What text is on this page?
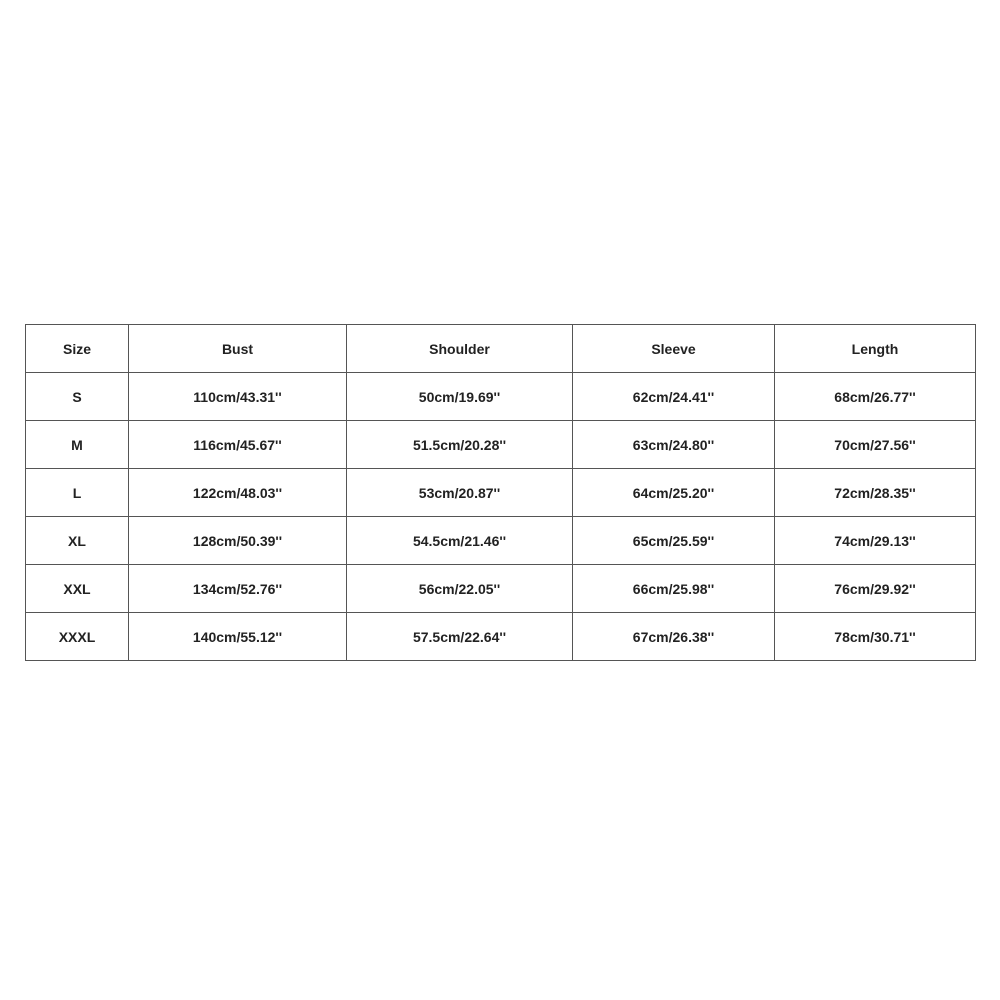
Size	Bust	Shoulder	Sleeve	Length
S	110cm/43.31''	50cm/19.69''	62cm/24.41''	68cm/26.77''
M	116cm/45.67''	51.5cm/20.28''	63cm/24.80''	70cm/27.56''
L	122cm/48.03''	53cm/20.87''	64cm/25.20''	72cm/28.35''
XL	128cm/50.39''	54.5cm/21.46''	65cm/25.59''	74cm/29.13''
XXL	134cm/52.76''	56cm/22.05''	66cm/25.98''	76cm/29.92''
XXXL	140cm/55.12''	57.5cm/22.64''	67cm/26.38''	78cm/30.71''
